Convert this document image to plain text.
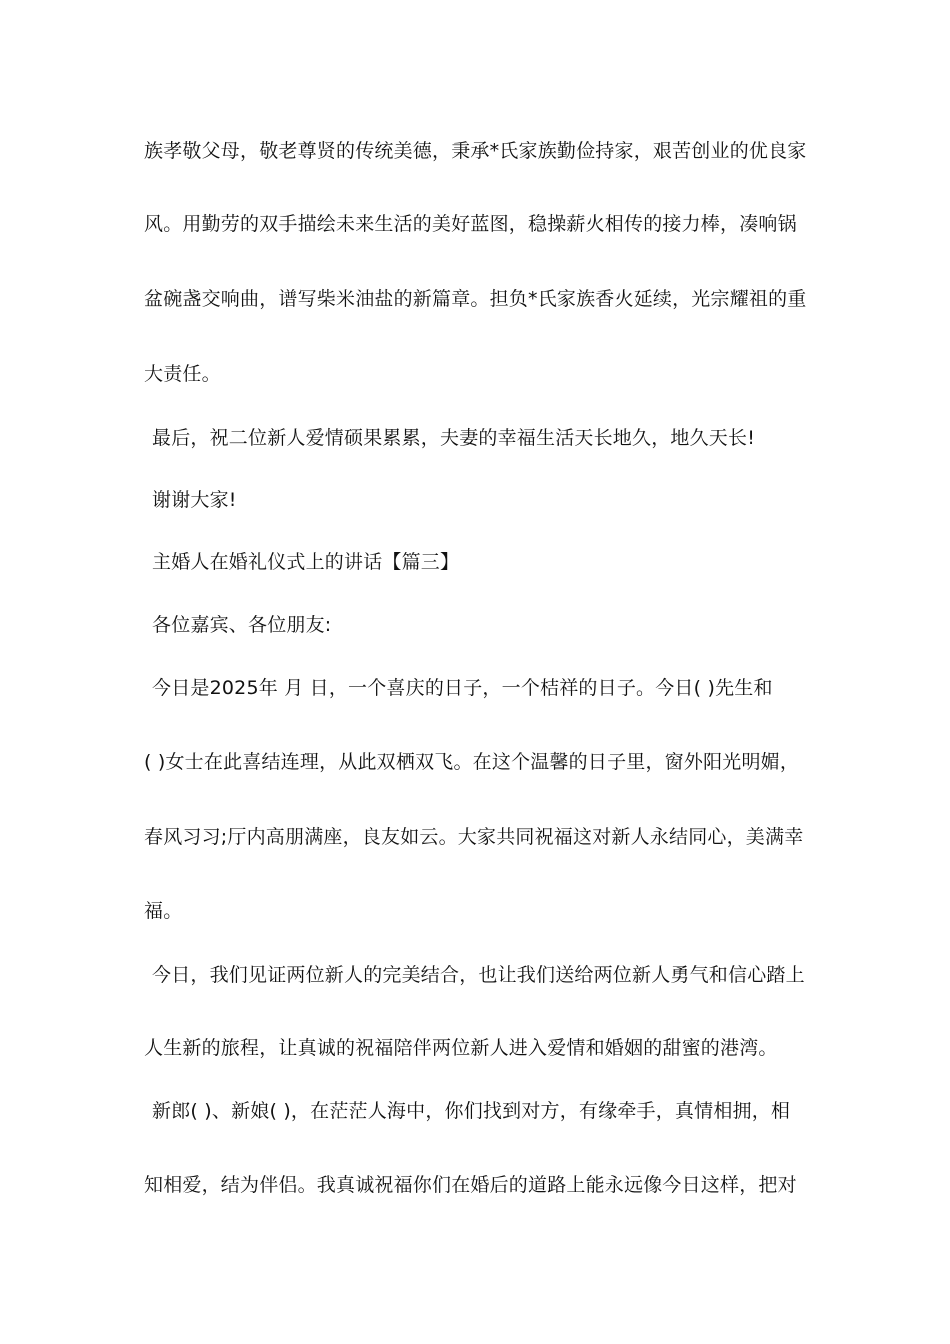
族孝敬父母，敬老尊贤的传统美德，秉承*氏家族勤俭持家，艰苦创业的优良家
风。用勤劳的双手描绘未来生活的美好蓝图，稳操薪火相传的接力棒，凑响锅
盆碗盏交响曲，谱写柴米油盐的新篇章。担负*氏家族香火延续，光宗耀祖的重
大责任。
最后，祝二位新人爱情硕果累累，夫妻的幸福生活天长地久，地久天长!
谢谢大家!
主婚人在婚礼仪式上的讲话【篇三】
各位嘉宾、各位朋友:
今日是2025年 月 日，一个喜庆的日子，一个桔祥的日子。今日( )先生和
( )女士在此喜结连理，从此双栖双飞。在这个温馨的日子里，窗外阳光明媚，
春风习习;厅内高朋满座，良友如云。大家共同祝福这对新人永结同心，美满幸
福。
今日，我们见证两位新人的完美结合，也让我们送给两位新人勇气和信心踏上
人生新的旅程，让真诚的祝福陪伴两位新人进入爱情和婚姻的甜蜜的港湾。
新郎( )、新娘( )，在茫茫人海中，你们找到对方，有缘牵手，真情相拥，相
知相爱，结为伴侣。我真诚祝福你们在婚后的道路上能永远像今日这样，把对
